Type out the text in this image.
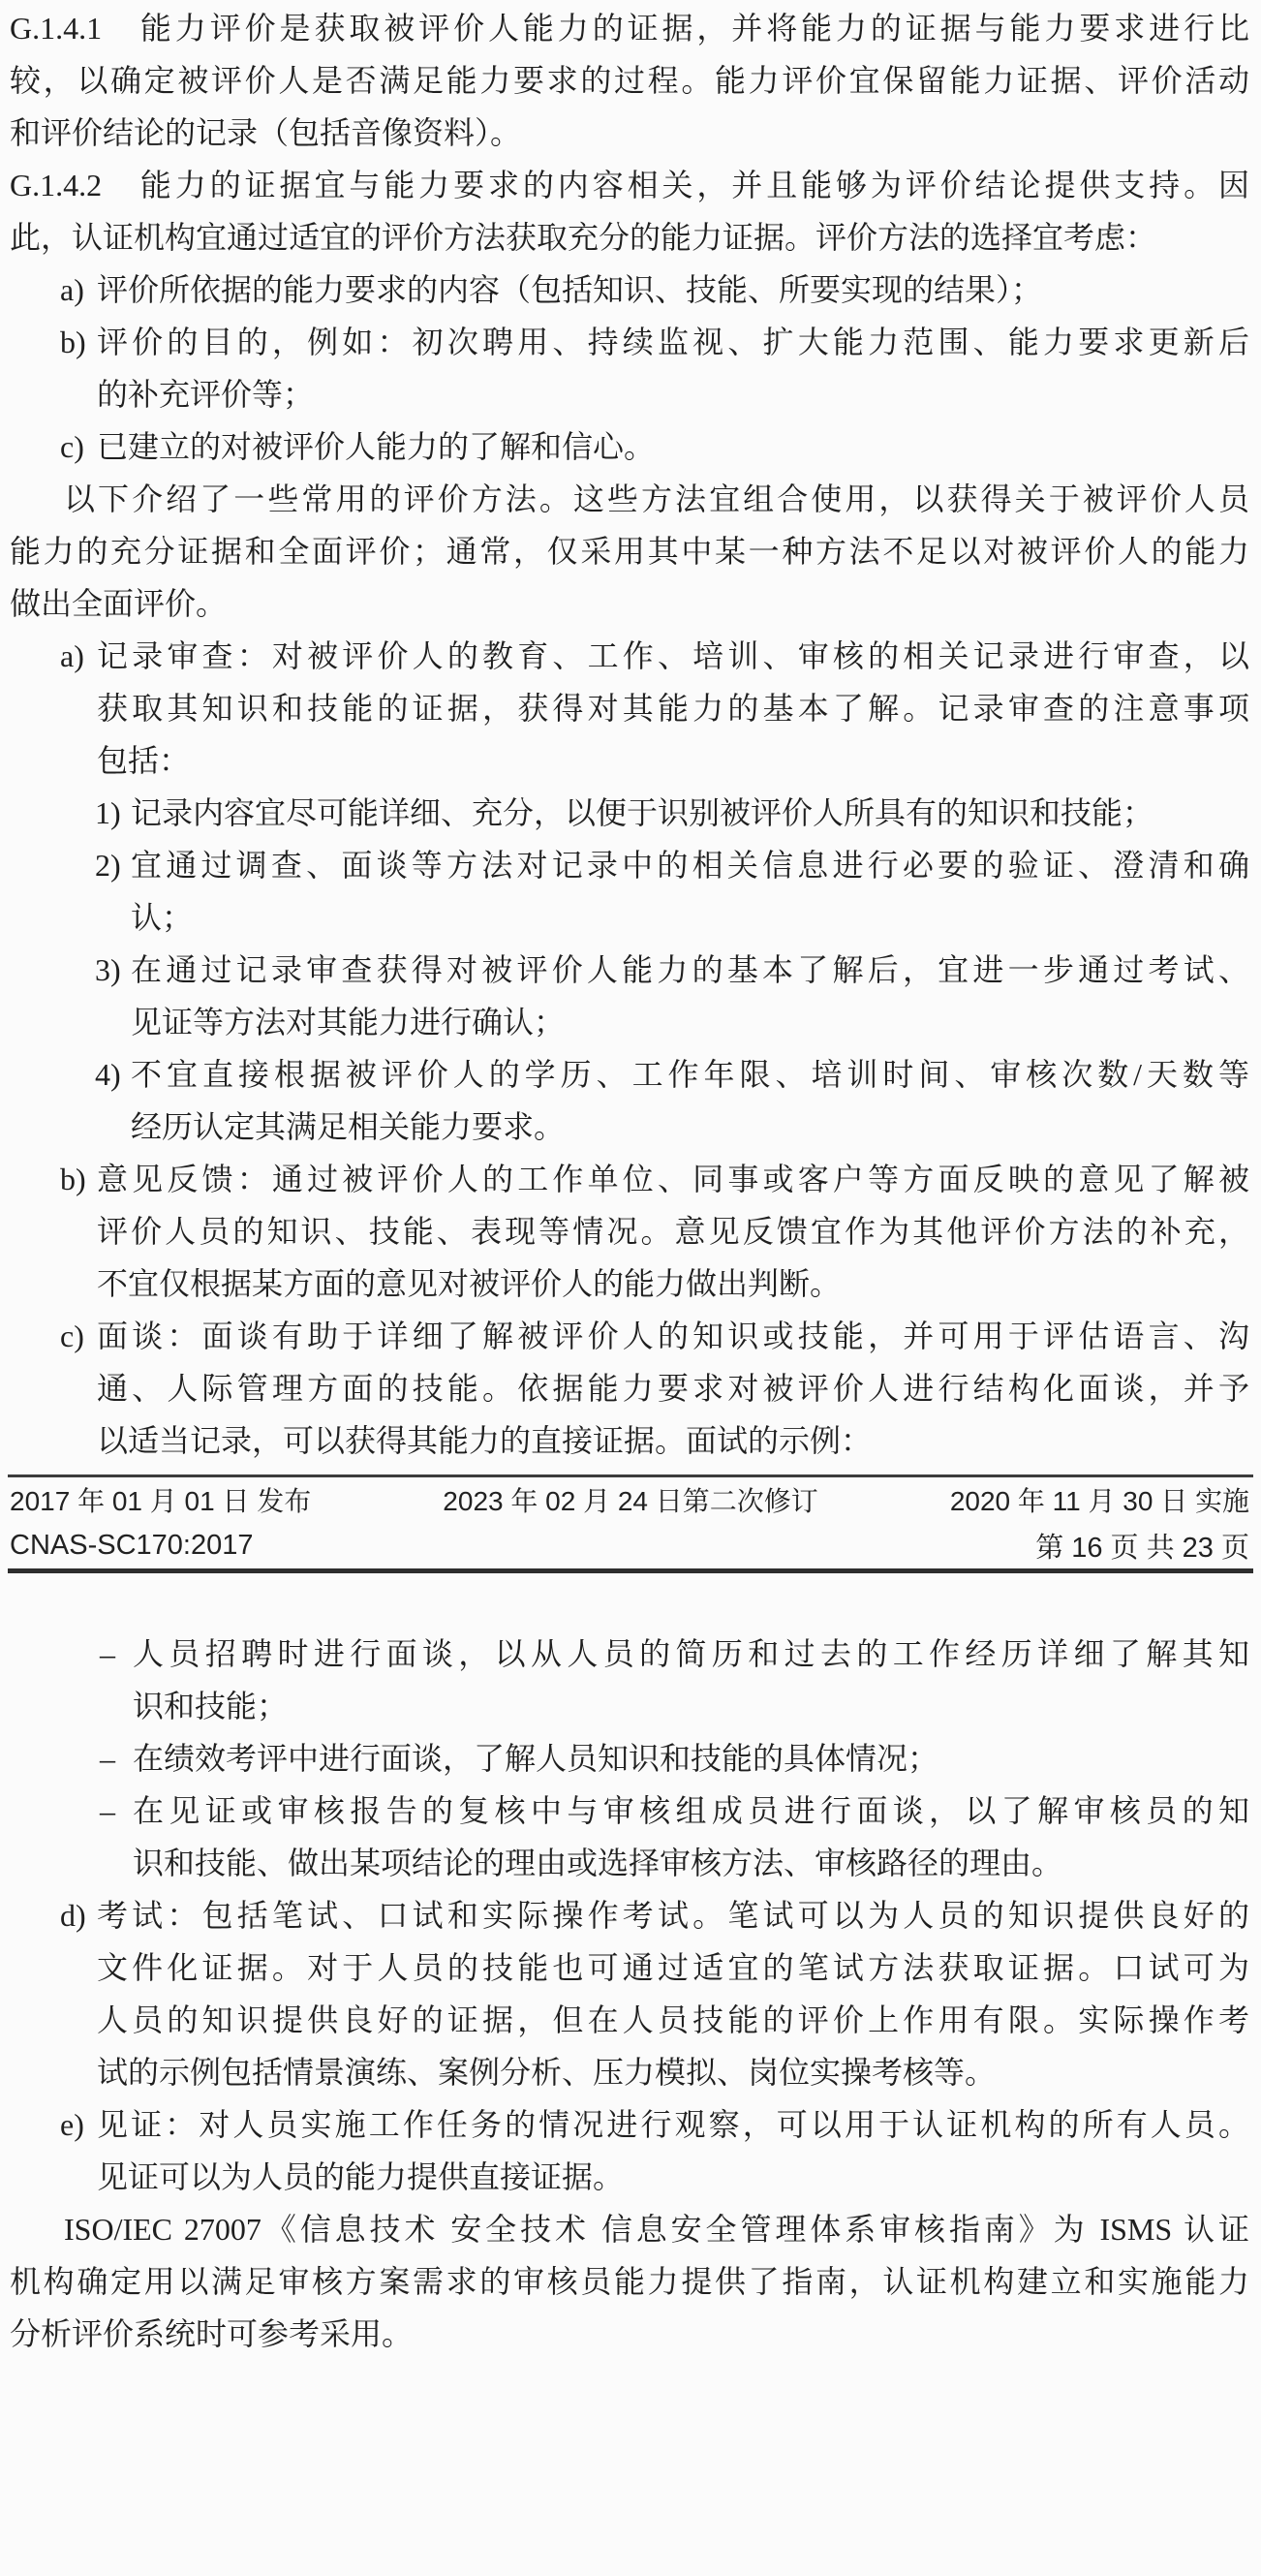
G.1.4.1　能力评价是获取被评价人能力的证据，并将能力的证据与能力要求进行比
较，以确定被评价人是否满足能力要求的过程。能力评价宜保留能力证据、评价活动
和评价结论的记录（包括音像资料）。
G.1.4.2　能力的证据宜与能力要求的内容相关，并且能够为评价结论提供支持。因
此，认证机构宜通过适宜的评价方法获取充分的能力证据。评价方法的选择宜考虑：
a) 评价所依据的能力要求的内容（包括知识、技能、所要实现的结果）；
b) 评价的目的，例如：初次聘用、持续监视、扩大能力范围、能力要求更新后
的补充评价等；
c) 已建立的对被评价人能力的了解和信心。
以下介绍了一些常用的评价方法。这些方法宜组合使用，以获得关于被评价人员
能力的充分证据和全面评价；通常，仅采用其中某一种方法不足以对被评价人的能力
做出全面评价。
a) 记录审查：对被评价人的教育、工作、培训、审核的相关记录进行审查，以
获取其知识和技能的证据，获得对其能力的基本了解。记录审查的注意事项
包括：
1) 记录内容宜尽可能详细、充分，以便于识别被评价人所具有的知识和技能；
2) 宜通过调查、面谈等方法对记录中的相关信息进行必要的验证、澄清和确
认；
3) 在通过记录审查获得对被评价人能力的基本了解后，宜进一步通过考试、
见证等方法对其能力进行确认；
4) 不宜直接根据被评价人的学历、工作年限、培训时间、审核次数/天数等
经历认定其满足相关能力要求。
b) 意见反馈：通过被评价人的工作单位、同事或客户等方面反映的意见了解被
评价人员的知识、技能、表现等情况。意见反馈宜作为其他评价方法的补充，
不宜仅根据某方面的意见对被评价人的能力做出判断。
c) 面谈：面谈有助于详细了解被评价人的知识或技能，并可用于评估语言、沟
通、人际管理方面的技能。依据能力要求对被评价人进行结构化面谈，并予
以适当记录，可以获得其能力的直接证据。面试的示例：
2017 年 01 月 01 日 发布	2023 年 02 月 24 日第二次修订	2020 年 11 月 30 日 实施
CNAS-SC170:2017	第 16 页 共 23 页
– 人员招聘时进行面谈，以从人员的简历和过去的工作经历详细了解其知
识和技能；
– 在绩效考评中进行面谈，了解人员知识和技能的具体情况；
– 在见证或审核报告的复核中与审核组成员进行面谈，以了解审核员的知
识和技能、做出某项结论的理由或选择审核方法、审核路径的理由。
d) 考试：包括笔试、口试和实际操作考试。笔试可以为人员的知识提供良好的
文件化证据。对于人员的技能也可通过适宜的笔试方法获取证据。口试可为
人员的知识提供良好的证据，但在人员技能的评价上作用有限。实际操作考
试的示例包括情景演练、案例分析、压力模拟、岗位实操考核等。
e) 见证：对人员实施工作任务的情况进行观察，可以用于认证机构的所有人员。
见证可以为人员的能力提供直接证据。
ISO/IEC 27007《信息技术 安全技术 信息安全管理体系审核指南》为 ISMS 认证
机构确定用以满足审核方案需求的审核员能力提供了指南，认证机构建立和实施能力
分析评价系统时可参考采用。
